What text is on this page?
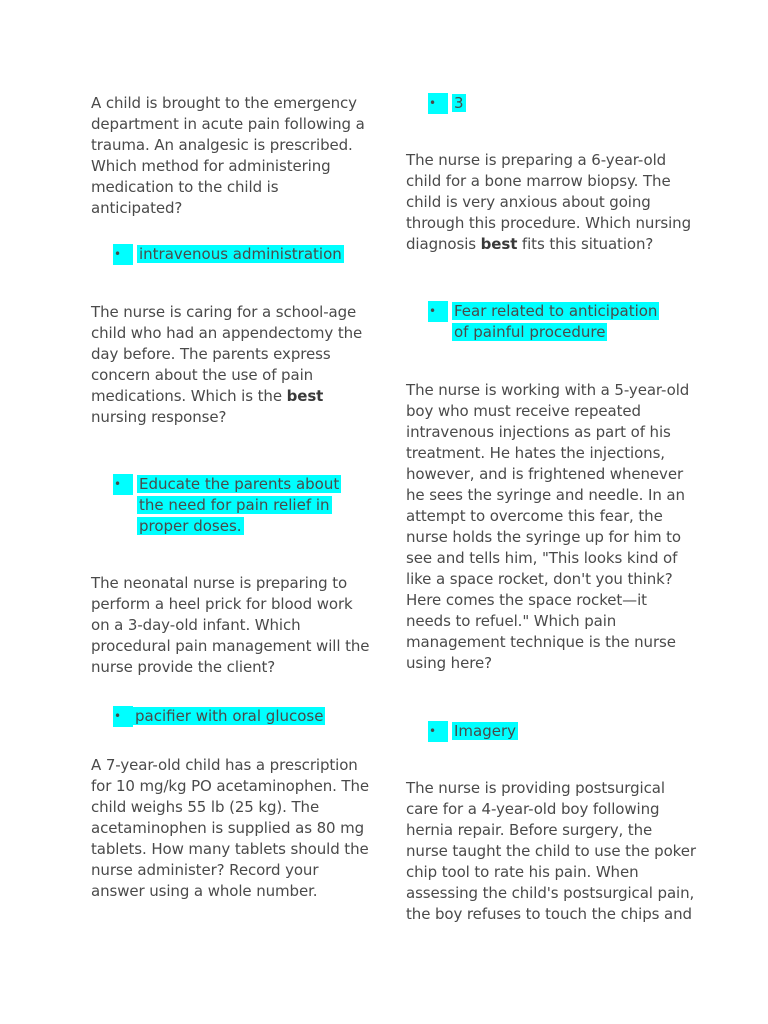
A child is brought to the emergency department in acute pain following a trauma. An analgesic is prescribed. Which method for administering medication to the child is anticipated?

•
intravenous administration

The nurse is caring for a school-age child who had an appendectomy the day before. The parents express concern about the use of pain medications. Which is the best nursing response?

•
Educate the parents about the need for pain relief in proper doses.

The neonatal nurse is preparing to perform a heel prick for blood work on a 3-day-old infant. Which procedural pain management will the nurse provide the client?

•
pacifier with oral glucose

A 7-year-old child has a prescription for 10 mg/kg PO acetaminophen. The child weighs 55 lb (25 kg). The acetaminophen is supplied as 80 mg tablets. How many tablets should the nurse administer? Record your answer using a whole number.

•
3

The nurse is preparing a 6-year-old child for a bone marrow biopsy. The child is very anxious about going through this procedure. Which nursing diagnosis best fits this situation?

•
Fear related to anticipation of painful procedure

The nurse is working with a 5-year-old boy who must receive repeated intravenous injections as part of his treatment. He hates the injections, however, and is frightened whenever he sees the syringe and needle. In an attempt to overcome this fear, the nurse holds the syringe up for him to see and tells him, "This looks kind of like a space rocket, don't you think? Here comes the space rocket—it needs to refuel." Which pain management technique is the nurse using here?

•
Imagery

The nurse is providing postsurgical care for a 4-year-old boy following hernia repair. Before surgery, the nurse taught the child to use the poker chip tool to rate his pain. When assessing the child's postsurgical pain, the boy refuses to touch the chips and
